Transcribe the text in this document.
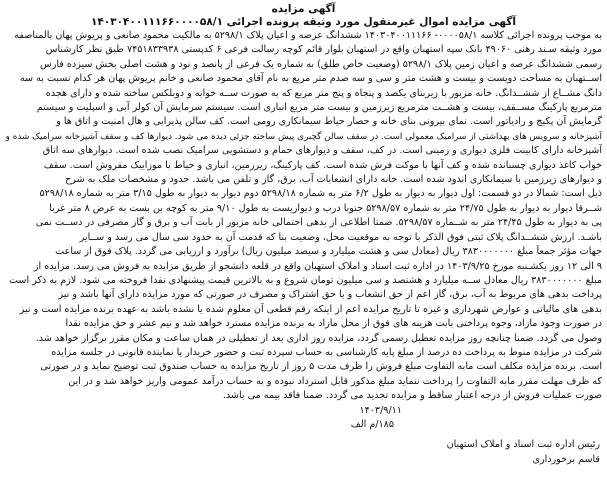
آگهی مزایده
آگهی مزایده اموال غیرمنقول مورد وثیقه پرونده اجرائی ۱۴۰۳۰۴۰۰۱۱۱۶۶۰۰۰۰۵۸/۱
به موجب پرونده اجرائی کلاسه ۰۰۰۰۵۸/۱- ۱۴۰۳۰۴۰۰۱۱۱۶۶ ششدانگ عرصه و اعیان پلاک ۵۲۹۸/۱ به مالکیت محمود صانعی و پریوش پهان بالمناصفه
مورد وثیقه سـند رهنی ۴۹۰۶۰ بانک سپه استهبان واقع در استهبان بلوار قائم کوچه رسالت فرعی ۶ کدپستی ۷۴۵۱۸۳۳۹۳۸ طبق نظر کارشناس
رسمی ششدانگ عرصه و اعیان زمین پلاک ۵۲۹۸/۱ (وضعیت خاص طلق) به شماره یک فرعی از پانصد و نود و هشت اصلی بخش سیزده فارس
اســتهبان به مساحت دویست و بیست و هشت متر و سی و سه صدم متر مربع به نام آقای محمود صانعی و خانم پریوش پهان هر کدام نسبت به سه
دانگ مشــاع از ششــدانگ. خانه مزبور با زیربنای یکصد و پنجاه و پنج متر مربع که به صورت ســه خوابه و دوبلکس ساخته شده و دارای هجده
مترمربع پارکینگ مســقف، بیست و هشــت مترمربع زیرزمین و بیست متر مربع انباری است. سیستم سرمایش آن کولر آبی و اسپلیت و سیستم
گرمایش آن پکیج و رادیاتور است. نمای بیرونی بنای خانه و حصار حیاط سیمانکاری رومی است. کف سالن پذیرایی و هال امنیت و اتاق ها و
آشپزخانه و سرویس های بهداشتی از سرامیک معمولی است. در سقف سالن گچبری پیش ساخته جزئی دیده می شود. دیوارها کف و سقف آشپزخانه سرامیک شده و
آشپزخانه دارای کابینت فلزی دیواری و زمینی است. در کف، سقف و دیوارهای حمام و دستشویی سرامیک نصب شده است. دیوارهای سه اتاق
خواب کاغذ دیواری چسبانده شده و کف آنها با موکت فرش شده است. کف پارکینگ، زیرزمین، انباری و حیاط با موزاییک مفروش است. سقف
و دیوارهای زیرزمین با سیمانکاری اندود شده است. خانه دارای انشعابات آب، برق، گاز و تلفن می باشد. حدود و مشخصات ملک به شرح
ذیل است: شمالا در دو قسمت: اول دیوار به دیوار به طول ۶/۲ متر به شماره ۵۲۹۸/۱۸ دوم دیوار به دیوار به طول ۳/۱۵ متر به شماره ۵۲۹۸/۱۸
شــرقا دیوار به دیوار به طول ۲۴/۷۵ متر به شماره ۵۲۹۸/۵۷ جنوبا درب و دیواریست به طول ۹/۱۰ متر به کوچه بن بست به عرض ۸ متر غربا
پی به دیوار به طول ۲۴/۴۵ متر به شــماره ۵۲۹۸/۵۷. ضمنا اطلاعی از بدهی احتمالی خانه مزبور از بابت آب و برق و گاز مصرفی در دســت نمی
باشـد. ارزش ششــدانگ پلاک ثبتی فوق الذکر با توجه به موقعیت محل، وضعیت بنا که قدمت آن به حدود سی سال می رسد و ســایر
جهات مؤثر جمعاً مبلغ ۳۸۳۰۰۰۰۰۰۰ ریال (معادل سی و هشت میلیارد و سیصد میلیون ریال) برآورد و ارزیابی می گردد. پلاک فوق از ساعت
۹ الی ۱۲ روز یکشـنبه مورخ ۱۴۰۳/۹/۲۵ در اداره ثبت اسناد و املاک استهبان واقع در قلعه دانشجو از طریق مزایده به فروش می رسد. مزایده از
مبلغ ۳۸۳۰۰۰۰۰۰۰ ریال معادل ســه میلیارد و هشتصد و سی میلیون تومان شروع و به بالاترین قیمت پیشنهادی نقدا فروخته می شود. لازم به ذکر است
پرداخت بدهی های مربوط به آب، برق، گاز اعم از حق انشعاب و یا حق اشتراک و مصرف در صورتی که مورد مزایده دارای آنها باشد و نیز
بدهی های مالیاتی و عوارض شهرداری و غیره تا تاریخ مزایده اعم از اینکه رقم قطعی آن معلوم شده یا نشده باشد به عهده برنده مزایده است و نیز
در صورت وجود مازاد، وجوه پرداختی بابت هزینه های فوق از محل مازاد به برنده مزایده مسترد خواهد شد و نیم عشر و حق مزایده نقدا
وصول می گردد. ضمنا چنانچه روز مزایده تعطیل رسمی گردد، مزایده روز اداری بعد از تعطیلی در همان ساعت و مکان مقرر برگزار خواهد شد.
شرکت در مزایده منوط به پرداخت ده درصد از مبلغ پایه کارشناسی به حساب سپرده ثبت و حضور خریدار یا نماینده قانونی در جلسه مزایده
است. برنده مزایده مکلف است مابه التفاوت مبلغ فروش را ظرف مدت ۵ روز از تاریخ مزایده به حساب صندوق ثبت توضیح نماید و در صورتی
که ظرف مهلت مقرر مابه التفاوت را پرداخت ننماید مبلغ مذکور قابل استرداد نبوده و به حساب درآمد عمومی واریز خواهد شد و در این
صورت عملیات فروش از درجه اعتبار ساقط و مزایده تجدید می گردد. ضمنا فاقد بیمه می باشد.
۱۴۰۳/۹/۱۱
۱۸۵/م الف
رئیس اداره ثبت اسناد و املاک استهبان
قاسم برخورداری
